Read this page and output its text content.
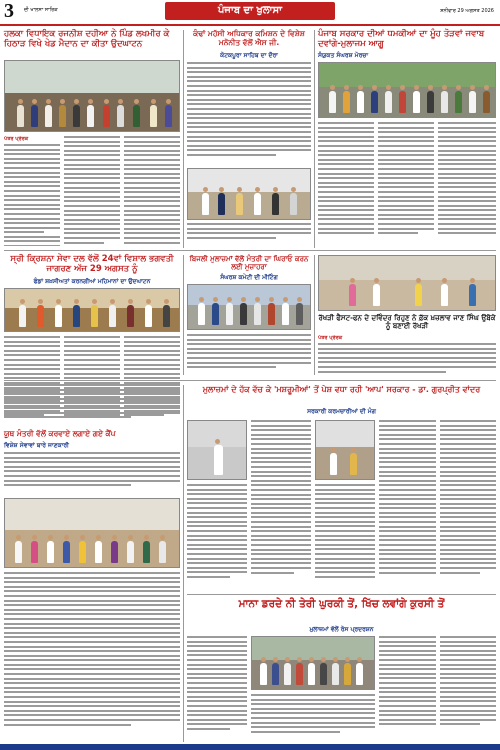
3 ਦੀ ਖਾਲਸਾ ਸਾਰਿਕ	ਪੰਜਾਬ ਦਾ ਖੁਲਾਸਾ	ਸ਼ਨੀਵਾਰ 29 ਅਗਸਤ 2026
ਹਲਕਾ ਵਿਧਾਇਕ ਰਜਨੀਸ਼ ਦਹੀਆ ਨੇ ਪਿੰਡ ਲਖਮੀਰ ਕੇ ਹਿਠਾੜ ਵਿਖੇ ਖੇਡ ਮੈਦਾਨ ਦਾ ਕੀਤਾ ਉਦਘਾਟਨ
ਪੱਤਰ ਪ੍ਰੇਰਕ
ਕੰਢਾਂ ਮਹੱਸੀ ਅਧਿਕਾਰ ਕਮਿਸ਼ਨ ਦੇ ਵਿਸ਼ੇਸ਼ ਮਨੋਨੀਤ ਵੱਲੋਂ ਐਸ ਜੀ.
ਕੋਟਕਪੂਰਾ ਸਾਹਿਬ ਦਾ ਦੌਰਾ
ਪੰਜਾਬ ਸਰਕਾਰ ਦੀਆਂ ਧਮਕੀਆਂ ਦਾ ਮੂੰਹ ਤੋੜਵਾਂ ਜਵਾਬ ਦਵਾਂਗੇ-ਮੁਲਾਜਮ ਆਗੂ
ਸੰਯੁਕਤ ਸੰਘਰਸ਼ ਮੋਰਚਾ
ਸ੍ਰੀ ਕ੍ਰਿਸ਼ਨਾ ਸੇਵਾ ਦਲ ਵੱਲੋਂ 24ਵਾਂ ਵਿਸ਼ਾਲ ਭਗਵਤੀ ਜਾਗਰਣ ਅੱਜ 29 ਅਗਸਤ ਨੂੰ
ਫੰਡਾਂ ਸ਼ਖ਼ਸੀਅਤਾਂ ਕਰਨਗੀਆਂ ਮਹਿਮਾਨਾਂ ਦਾ ਉਦਘਾਟਨ
ਬਿਜਲੀ ਮੁਲਾਜ਼ਮਾਂ ਵੱਲੋਂ ਮੰਤਰੀ ਦਾ ਘਿਰਾਓ ਕਰਨ ਲਈ ਮੁਜ਼ਾਹਰਾ
ਸੰਘਰਸ਼ ਕਮੇਟੀ ਦੀ ਮੀਟਿੰਗ
ਰੱਖੜੀ ਫੈਸਟ-ਫਨ ਦੇ ਦਵਿੰਦਰ ਰਿਹੁਣ ਨੇ ਫ਼ੱਕ ਖ਼ਜ਼ਲਾਵ ਜਾਣ ਸਿੰਘ ਉਬੋਕੇ ਨੂੰ ਬਣਾਈ ਰੱਖੜੀ
ਪੱਤਰ ਪ੍ਰੇਰਕ
ਯੂਥ ਮੰਤਰੀ ਵੱਲੋਂ ਕਰਵਾਏ ਲਗਾਏ ਗਏ ਕੈਂਪ
ਵਿਸ਼ੇਸ਼ ਸੇਵਾਵਾਂ ਬਾਰੇ ਜਾਣਕਾਰੀ
ਮੁਲਾਜ਼ਮਾਂ ਦੇ ਹੱਕ ਵੱਚ ਕੇ 'ਮਸ਼ਰੂਮੀਆਂ' ਤੋਂ ਪੇਸ਼ ਵਧਾ ਰਹੀ 'ਆਪ' ਸਰਕਾਰ - ਡਾ. ਗੁਰਪ੍ਰੀਤ ਵਾਂਦਰ
ਸਰਕਾਰੀ ਕਰਮਚਾਰੀਆਂ ਦੀ ਮੰਗ
ਮਾਨਾ ਡਰਦੇ ਨੀ ਤੇਰੀ ਘੁਰਕੀ ਤੋਂ, ਖਿੱਚ ਲਵਾਂਗੇ ਕੁਰਸੀ ਤੋਂ
ਮੁਲਾਜ਼ਮਾਂ ਵੱਲੋਂ ਰੋਸ ਪ੍ਰਦਰਸ਼ਨ
